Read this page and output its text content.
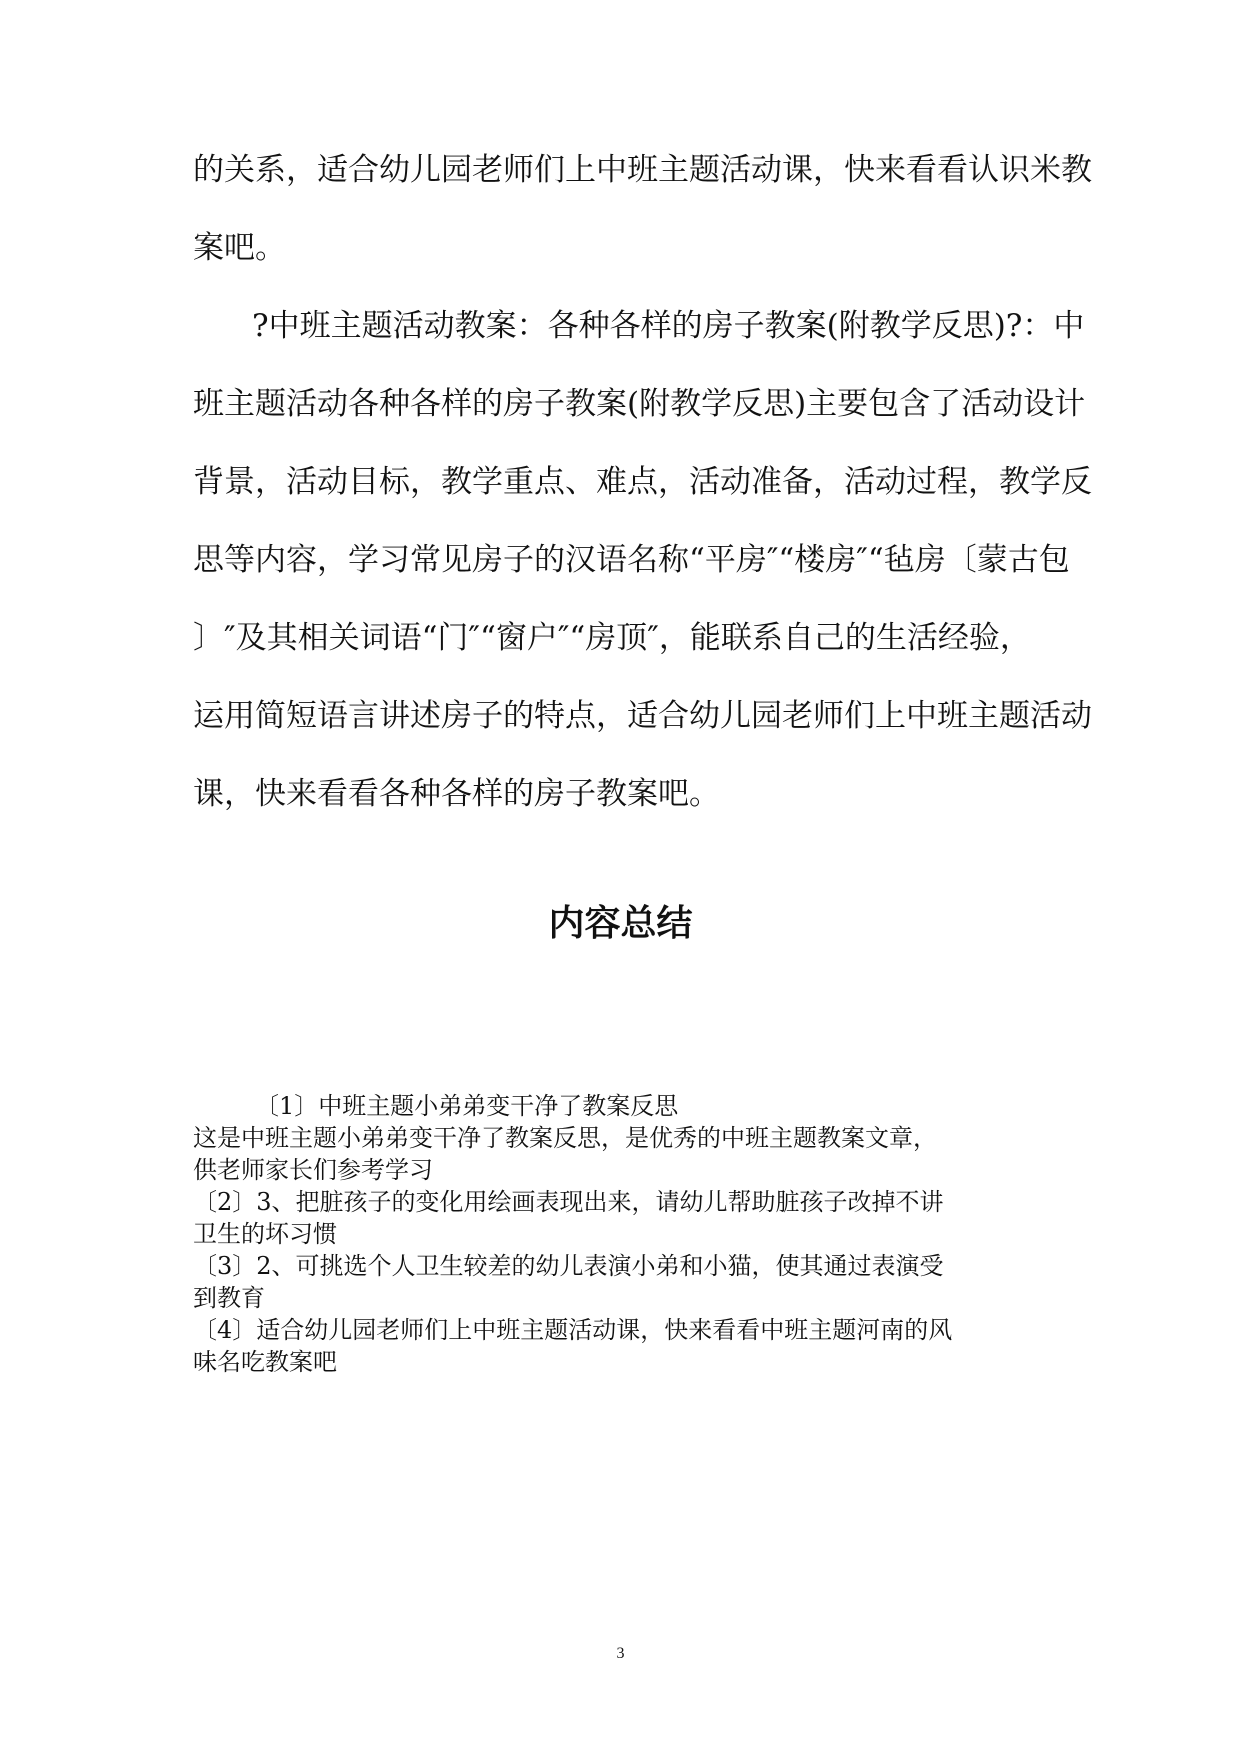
的关系，适合幼儿园老师们上中班主题活动课，快来看看认识米教
案吧。
?中班主题活动教案：各种各样的房子教案(附教学反思)?：中
班主题活动各种各样的房子教案(附教学反思)主要包含了活动设计
背景，活动目标，教学重点、难点，活动准备，活动过程，教学反
思等内容，学习常见房子的汉语名称“平房″“楼房″“毡房〔蒙古包
〕″及其相关词语“门″“窗户″“房顶″，能联系自己的生活经验，
运用简短语言讲述房子的特点，适合幼儿园老师们上中班主题活动
课，快来看看各种各样的房子教案吧。
内容总结
〔1〕中班主题小弟弟变干净了教案反思
这是中班主题小弟弟变干净了教案反思，是优秀的中班主题教案文章，
供老师家长们参考学习
〔2〕3、把脏孩子的变化用绘画表现出来，请幼儿帮助脏孩子改掉不讲
卫生的坏习惯
〔3〕2、可挑选个人卫生较差的幼儿表演小弟和小猫，使其通过表演受
到教育
〔4〕适合幼儿园老师们上中班主题活动课，快来看看中班主题河南的风
味名吃教案吧
3
